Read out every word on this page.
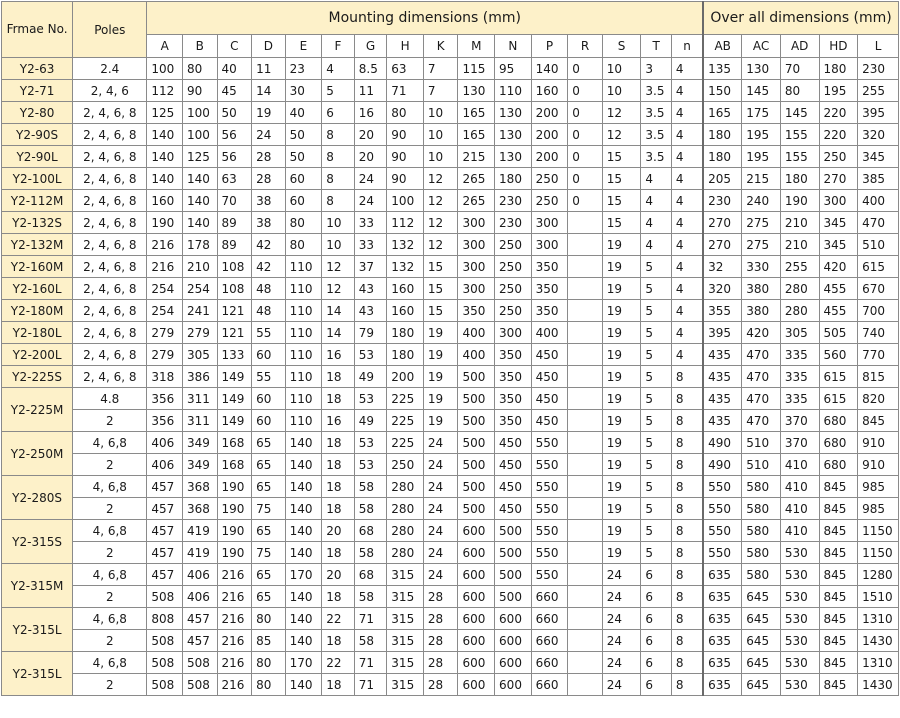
Frmae No.	Poles	Mounting dimensions (mm)																Over all dimensions (mm)				
		A	B	C	D	E	F	G	H	K	M	N	P	R	S	T	n	AB	AC	AD	HD	L
Y2-63	2.4	100	80	40	11	23	4	8.5	63	7	115	95	140	0	10	3	4	135	130	70	180	230
Y2-71	2, 4, 6	112	90	45	14	30	5	11	71	7	130	110	160	0	10	3.5	4	150	145	80	195	255
Y2-80	2, 4, 6, 8	125	100	50	19	40	6	16	80	10	165	130	200	0	12	3.5	4	165	175	145	220	395
Y2-90S	2, 4, 6, 8	140	100	56	24	50	8	20	90	10	165	130	200	0	12	3.5	4	180	195	155	220	320
Y2-90L	2, 4, 6, 8	140	125	56	28	50	8	20	90	10	215	130	200	0	15	3.5	4	180	195	155	250	345
Y2-100L	2, 4, 6, 8	140	140	63	28	60	8	24	90	12	265	180	250	0	15	4	4	205	215	180	270	385
Y2-112M	2, 4, 6, 8	160	140	70	38	60	8	24	100	12	265	230	250	0	15	4	4	230	240	190	300	400
Y2-132S	2, 4, 6, 8	190	140	89	38	80	10	33	112	12	300	230	300		15	4	4	270	275	210	345	470
Y2-132M	2, 4, 6, 8	216	178	89	42	80	10	33	132	12	300	250	300		19	4	4	270	275	210	345	510
Y2-160M	2, 4, 6, 8	216	210	108	42	110	12	37	132	15	300	250	350		19	5	4	32	330	255	420	615
Y2-160L	2, 4, 6, 8	254	254	108	48	110	12	43	160	15	300	250	350		19	5	4	320	380	280	455	670
Y2-180M	2, 4, 6, 8	254	241	121	48	110	14	43	160	15	350	250	350		19	5	4	355	380	280	455	700
Y2-180L	2, 4, 6, 8	279	279	121	55	110	14	79	180	19	400	300	400		19	5	4	395	420	305	505	740
Y2-200L	2, 4, 6, 8	279	305	133	60	110	16	53	180	19	400	350	450		19	5	4	435	470	335	560	770
Y2-225S	2, 4, 6, 8	318	386	149	55	110	18	49	200	19	500	350	450		19	5	8	435	470	335	615	815
Y2-225M	4.8	356	311	149	60	110	18	53	225	19	500	350	450		19	5	8	435	470	335	615	820
	2	356	311	149	60	110	16	49	225	19	500	350	450		19	5	8	435	470	370	680	845
Y2-250M	4, 6,8	406	349	168	65	140	18	53	225	24	500	450	550		19	5	8	490	510	370	680	910
	2	406	349	168	65	140	18	53	250	24	500	450	550		19	5	8	490	510	410	680	910
Y2-280S	4, 6,8	457	368	190	65	140	18	58	280	24	500	450	550		19	5	8	550	580	410	845	985
	2	457	368	190	75	140	18	58	280	24	500	450	550		19	5	8	550	580	410	845	985
Y2-315S	4, 6,8	457	419	190	65	140	20	68	280	24	600	500	550		19	5	8	550	580	410	845	1150
	2	457	419	190	75	140	18	58	280	24	600	500	550		19	5	8	550	580	530	845	1150
Y2-315M	4, 6,8	457	406	216	65	170	20	68	315	24	600	500	550		24	6	8	635	580	530	845	1280
	2	508	406	216	65	140	18	58	315	28	600	500	660		24	6	8	635	645	530	845	1510
Y2-315L	4, 6,8	808	457	216	80	140	22	71	315	28	600	600	660		24	6	8	635	645	530	845	1310
	2	508	457	216	85	140	18	58	315	28	600	600	660		24	6	8	635	645	530	845	1430
Y2-315L	4, 6,8	508	508	216	80	170	22	71	315	28	600	600	660		24	6	8	635	645	530	845	1310
	2	508	508	216	80	140	18	71	315	28	600	600	660		24	6	8	635	645	530	845	1430
